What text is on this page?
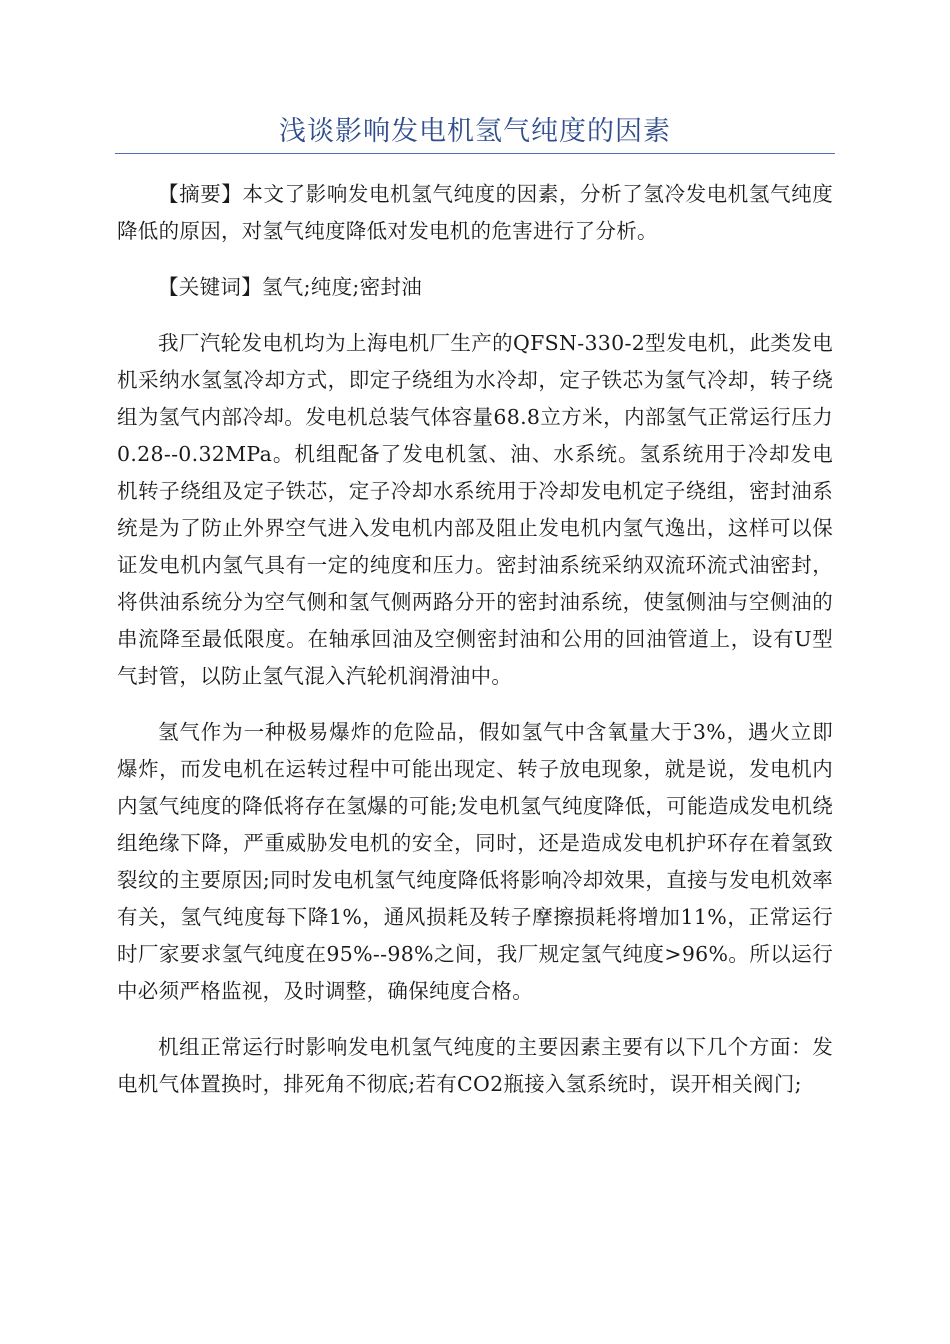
浅谈影响发电机氢气纯度的因素

【摘要】本文了影响发电机氢气纯度的因素，分析了氢冷发电机氢气纯度降低的原因，对氢气纯度降低对发电机的危害进行了分析。

【关键词】氢气;纯度;密封油

我厂汽轮发电机均为上海电机厂生产的QFSN-330-2型发电机，此类发电机采纳水氢氢冷却方式，即定子绕组为水冷却，定子铁芯为氢气冷却，转子绕组为氢气内部冷却。发电机总装气体容量68.8立方米，内部氢气正常运行压力0.28--0.32MPa。机组配备了发电机氢、油、水系统。氢系统用于冷却发电机转子绕组及定子铁芯，定子冷却水系统用于冷却发电机定子绕组，密封油系统是为了防止外界空气进入发电机内部及阻止发电机内氢气逸出，这样可以保证发电机内氢气具有一定的纯度和压力。密封油系统采纳双流环流式油密封，将供油系统分为空气侧和氢气侧两路分开的密封油系统，使氢侧油与空侧油的串流降至最低限度。在轴承回油及空侧密封油和公用的回油管道上，设有U型气封管，以防止氢气混入汽轮机润滑油中。

氢气作为一种极易爆炸的危险品，假如氢气中含氧量大于3%，遇火立即爆炸，而发电机在运转过程中可能出现定、转子放电现象，就是说，发电机内内氢气纯度的降低将存在氢爆的可能;发电机氢气纯度降低，可能造成发电机绕组绝缘下降，严重威胁发电机的安全，同时，还是造成发电机护环存在着氢致裂纹的主要原因;同时发电机氢气纯度降低将影响冷却效果，直接与发电机效率有关，氢气纯度每下降1%，通风损耗及转子摩擦损耗将增加11%，正常运行时厂家要求氢气纯度在95%--98%之间，我厂规定氢气纯度>96%。所以运行中必须严格监视，及时调整，确保纯度合格。

机组正常运行时影响发电机氢气纯度的主要因素主要有以下几个方面：发电机气体置换时，排死角不彻底;若有CO2瓶接入氢系统时，误开相关阀门;
